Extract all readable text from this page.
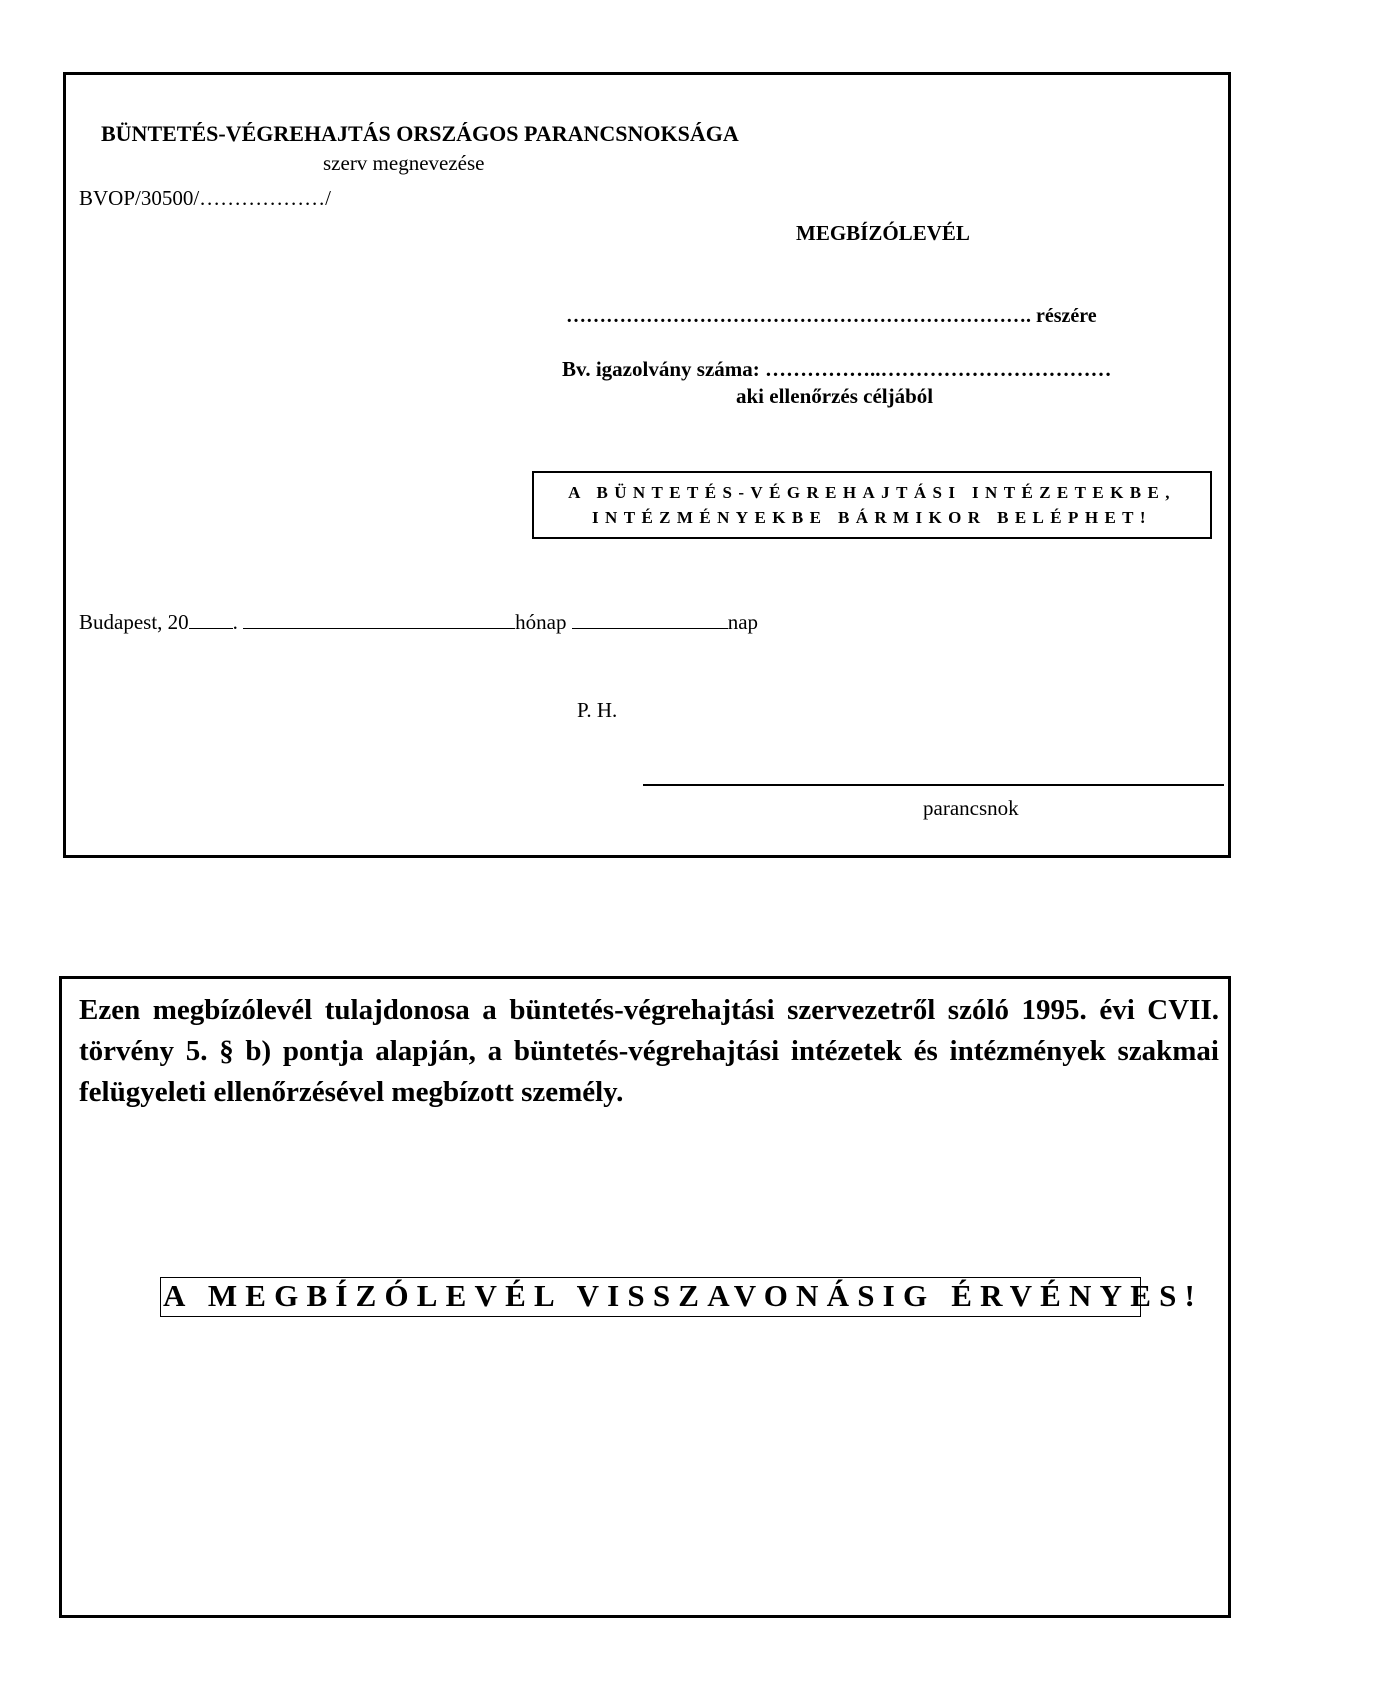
BÜNTETÉS-VÉGREHAJTÁS ORSZÁGOS PARANCSNOKSÁGA
szerv megnevezése
BVOP/30500/………………/
MEGBÍZÓLEVÉL
……………………………………………………………. részére
Bv. igazolvány száma: ……………..……………………………
aki ellenőrzés céljából
A BÜNTETÉS-VÉGREHAJTÁSI INTÉZETEKBE,
INTÉZMÉNYEKBE BÁRMIKOR BELÉPHET!
Budapest, 20 .	hónap	nap
P. H.
parancsnok
Ezen megbízólevél tulajdonosa a büntetés-végrehajtási szervezetről szóló 1995. évi CVII. törvény 5. § b) pontja alapján, a büntetés-végrehajtási intézetek és intézmények szakmai felügyeleti ellenőrzésével megbízott személy.
A MEGBÍZÓLEVÉL VISSZAVONÁSIG ÉRVÉNYES!
